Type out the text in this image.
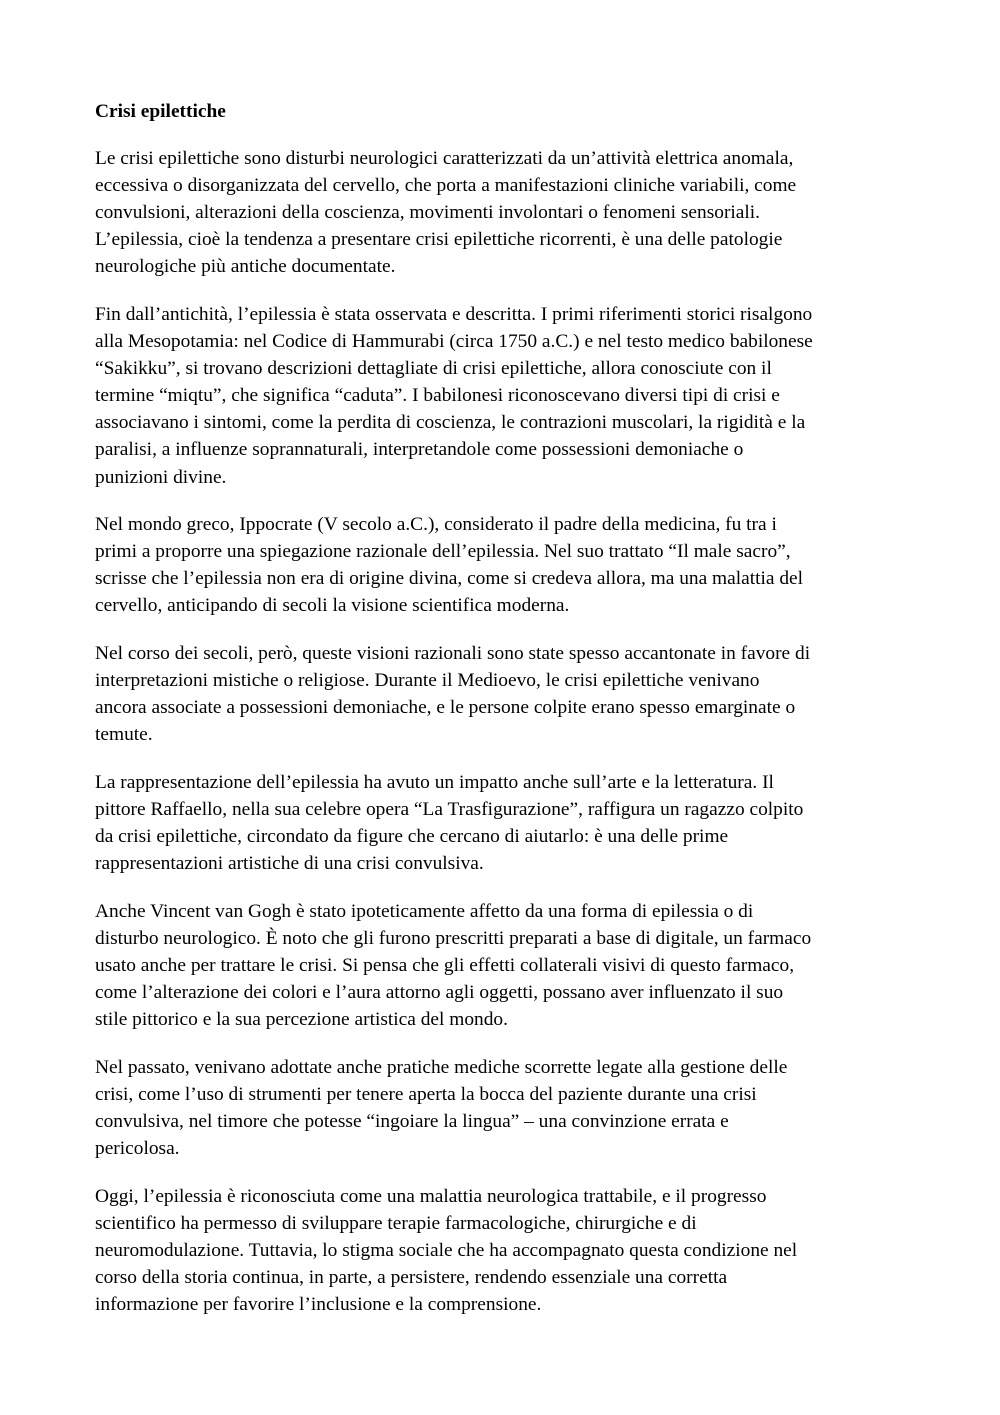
Crisi epilettiche

Le crisi epilettiche sono disturbi neurologici caratterizzati da un’attività elettrica anomala,
eccessiva o disorganizzata del cervello, che porta a manifestazioni cliniche variabili, come
convulsioni, alterazioni della coscienza, movimenti involontari o fenomeni sensoriali.
L’epilessia, cioè la tendenza a presentare crisi epilettiche ricorrenti, è una delle patologie
neurologiche più antiche documentate.

Fin dall’antichità, l’epilessia è stata osservata e descritta. I primi riferimenti storici risalgono
alla Mesopotamia: nel Codice di Hammurabi (circa 1750 a.C.) e nel testo medico babilonese
“Sakikku”, si trovano descrizioni dettagliate di crisi epilettiche, allora conosciute con il
termine “miqtu”, che significa “caduta”. I babilonesi riconoscevano diversi tipi di crisi e
associavano i sintomi, come la perdita di coscienza, le contrazioni muscolari, la rigidità e la
paralisi, a influenze soprannaturali, interpretandole come possessioni demoniache o
punizioni divine.

Nel mondo greco, Ippocrate (V secolo a.C.), considerato il padre della medicina, fu tra i
primi a proporre una spiegazione razionale dell’epilessia. Nel suo trattato “Il male sacro”,
scrisse che l’epilessia non era di origine divina, come si credeva allora, ma una malattia del
cervello, anticipando di secoli la visione scientifica moderna.

Nel corso dei secoli, però, queste visioni razionali sono state spesso accantonate in favore di
interpretazioni mistiche o religiose. Durante il Medioevo, le crisi epilettiche venivano
ancora associate a possessioni demoniache, e le persone colpite erano spesso emarginate o
temute.

La rappresentazione dell’epilessia ha avuto un impatto anche sull’arte e la letteratura. Il
pittore Raffaello, nella sua celebre opera “La Trasfigurazione”, raffigura un ragazzo colpito
da crisi epilettiche, circondato da figure che cercano di aiutarlo: è una delle prime
rappresentazioni artistiche di una crisi convulsiva.

Anche Vincent van Gogh è stato ipoteticamente affetto da una forma di epilessia o di
disturbo neurologico. È noto che gli furono prescritti preparati a base di digitale, un farmaco
usato anche per trattare le crisi. Si pensa che gli effetti collaterali visivi di questo farmaco,
come l’alterazione dei colori e l’aura attorno agli oggetti, possano aver influenzato il suo
stile pittorico e la sua percezione artistica del mondo.

Nel passato, venivano adottate anche pratiche mediche scorrette legate alla gestione delle
crisi, come l’uso di strumenti per tenere aperta la bocca del paziente durante una crisi
convulsiva, nel timore che potesse “ingoiare la lingua” – una convinzione errata e
pericolosa.

Oggi, l’epilessia è riconosciuta come una malattia neurologica trattabile, e il progresso
scientifico ha permesso di sviluppare terapie farmacologiche, chirurgiche e di
neuromodulazione. Tuttavia, lo stigma sociale che ha accompagnato questa condizione nel
corso della storia continua, in parte, a persistere, rendendo essenziale una corretta
informazione per favorire l’inclusione e la comprensione.
